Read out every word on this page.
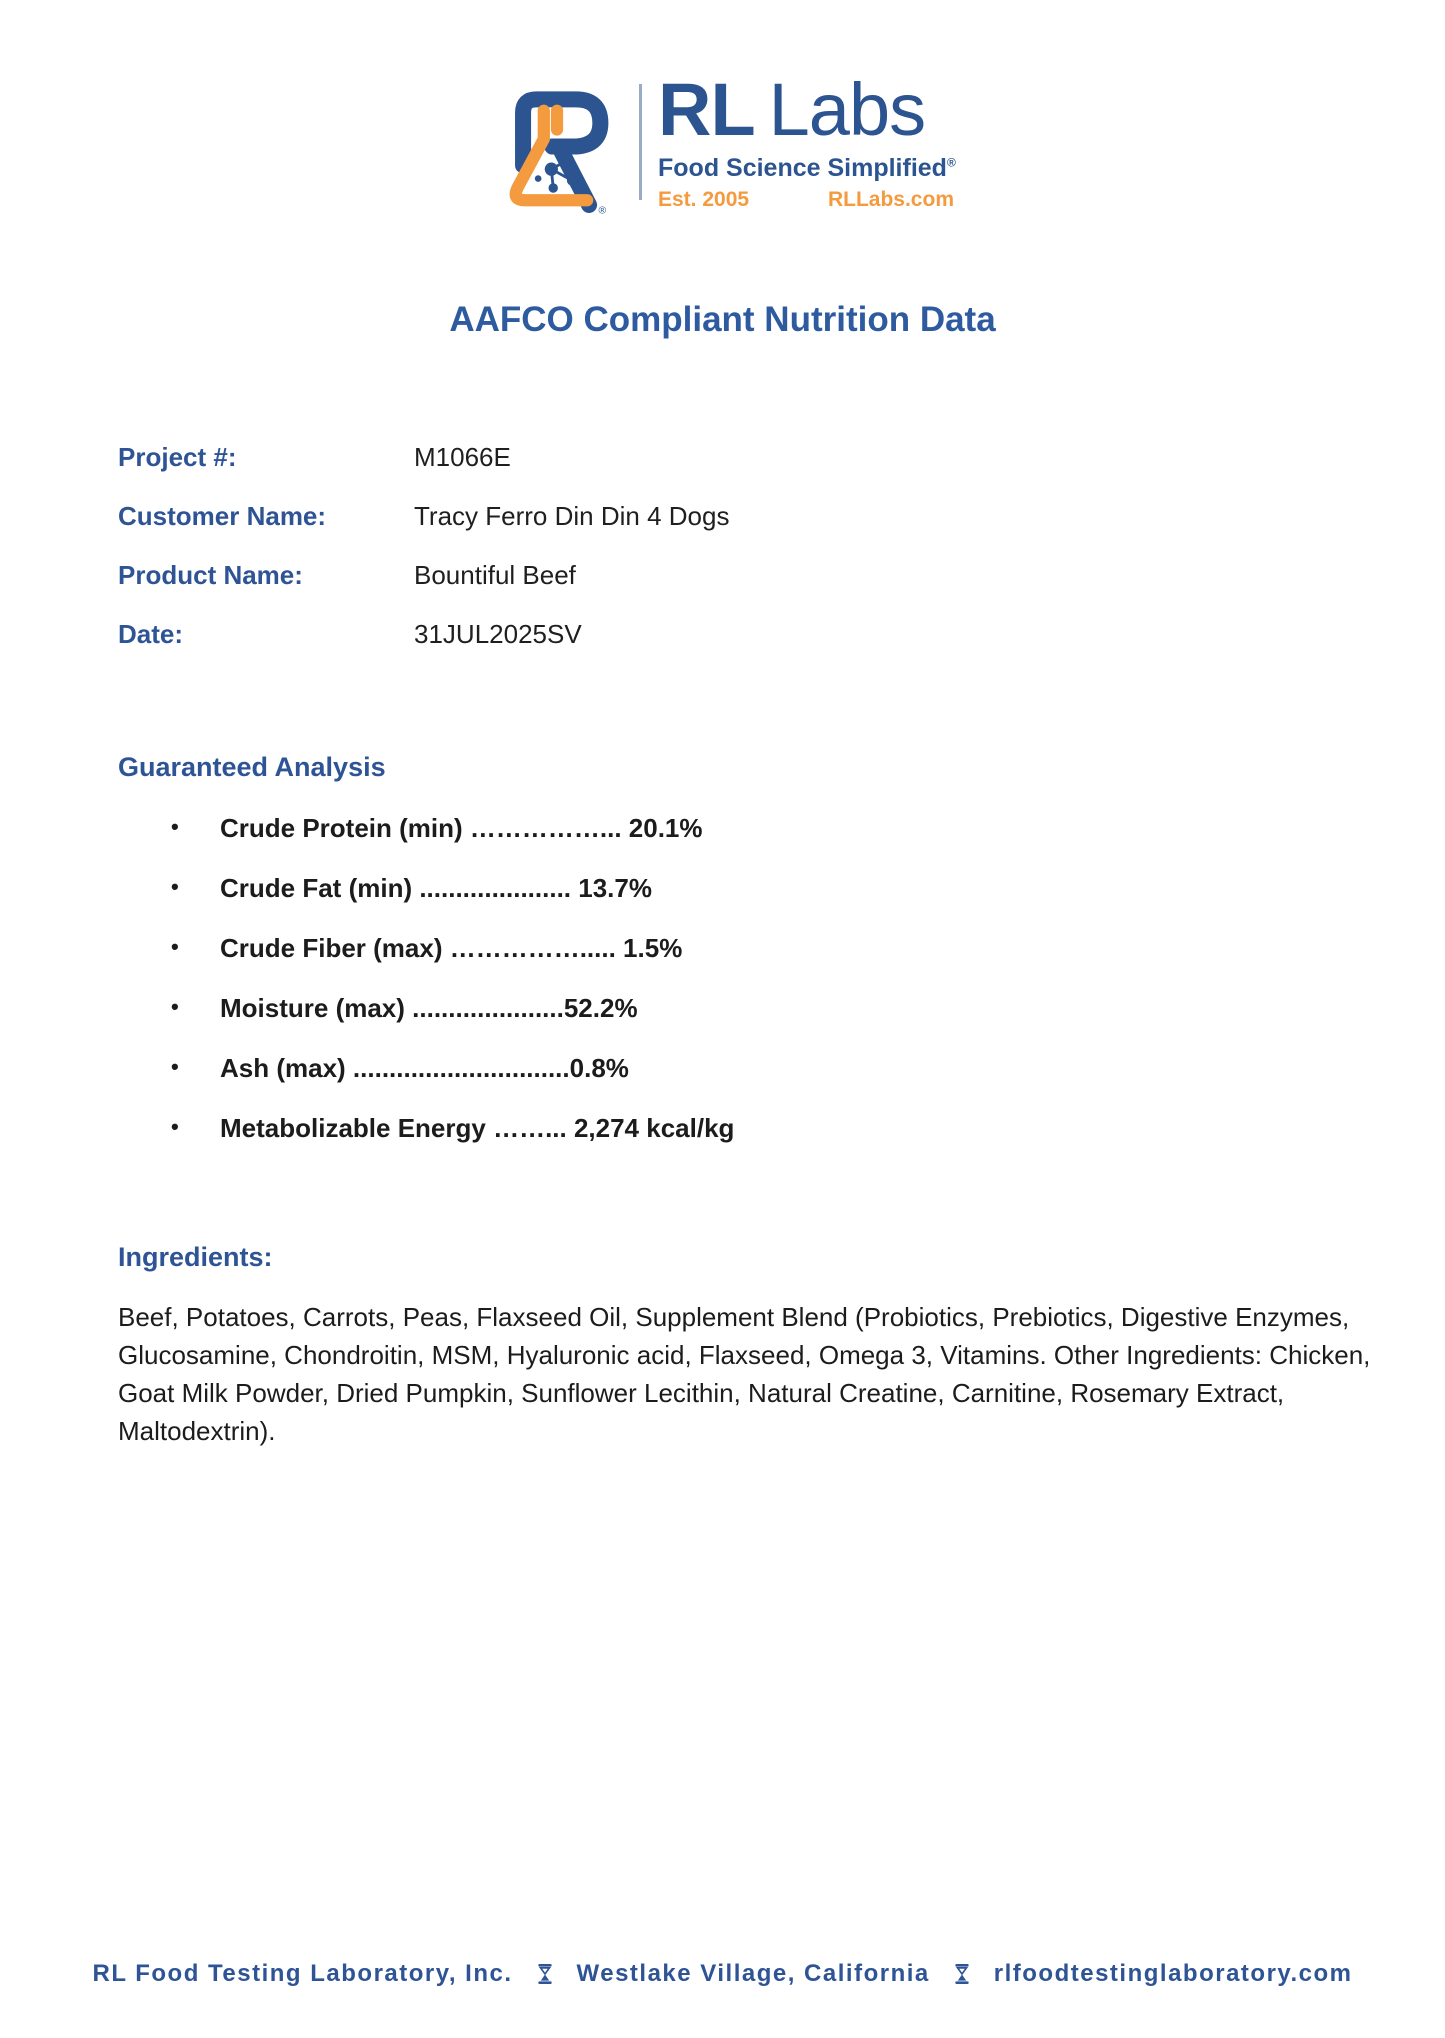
®
RL Labs
Food Science Simplified®
Est. 2005	RLLabs.com
AAFCO Compliant Nutrition Data
Project #:	M1066E
Customer Name:	Tracy Ferro Din Din 4 Dogs
Product Name:	Bountiful Beef
Date:	31JUL2025SV
Guaranteed Analysis
•
Crude Protein (min) ……………... 20.1%
•
Crude Fat (min) ..................... 13.7%
•
Crude Fiber (max) ……………..... 1.5%
•
Moisture (max) .....................52.2%
•
Ash (max) ..............................0.8%
•
Metabolizable Energy ……... 2,274 kcal/kg
Ingredients:
Beef, Potatoes, Carrots, Peas, Flaxseed Oil, Supplement Blend (Probiotics, Prebiotics, Digestive Enzymes, Glucosamine, Chondroitin, MSM, Hyaluronic acid, Flaxseed, Omega 3, Vitamins. Other Ingredients: Chicken, Goat Milk Powder, Dried Pumpkin, Sunflower Lecithin, Natural Creatine, Carnitine, Rosemary Extract, Maltodextrin).
RL Food Testing Laboratory, Inc.	Westlake Village, California	rlfoodtestinglaboratory.com
